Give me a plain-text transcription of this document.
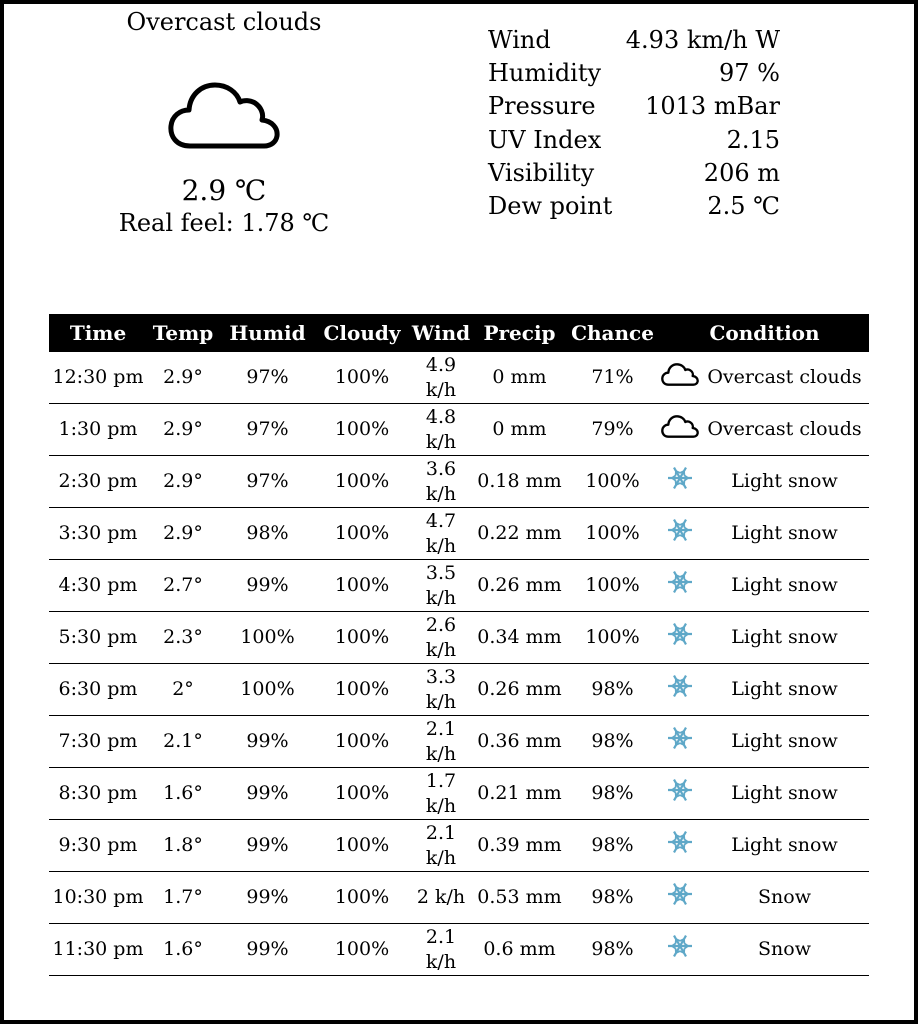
Overcast clouds
2.9 ℃
Real feel: 1.78 ℃
Wind	4.93 km/h W
Humidity	97 %
Pressure 1013 mBar
UV Index	2.15
Visibility	206 m
Dew point	2.5 ℃
Time	Temp	Humid	Cloudy	Wind	Precip	Chance	Condition	
12:30 pm	2.9°	97%	100%	4.9 k/h	0 mm	71%		Overcast clouds
1:30 pm	2.9°	97%	100%	4.8 k/h	0 mm	79%		Overcast clouds
2:30 pm	2.9°	97%	100%	3.6 k/h	0.18 mm	100%		Light snow
3:30 pm	2.9°	98%	100%	4.7 k/h	0.22 mm	100%		Light snow
4:30 pm	2.7°	99%	100%	3.5 k/h	0.26 mm	100%		Light snow
5:30 pm	2.3°	100%	100%	2.6 k/h	0.34 mm	100%		Light snow
6:30 pm	2°	100%	100%	3.3 k/h	0.26 mm	98%		Light snow
7:30 pm	2.1°	99%	100%	2.1 k/h	0.36 mm	98%		Light snow
8:30 pm	1.6°	99%	100%	1.7 k/h	0.21 mm	98%		Light snow
9:30 pm	1.8°	99%	100%	2.1 k/h	0.39 mm	98%		Light snow
10:30 pm	1.7°	99%	100%	2 k/h	0.53 mm	98%		Snow
11:30 pm	1.6°	99%	100%	2.1 k/h	0.6 mm	98%		Snow
